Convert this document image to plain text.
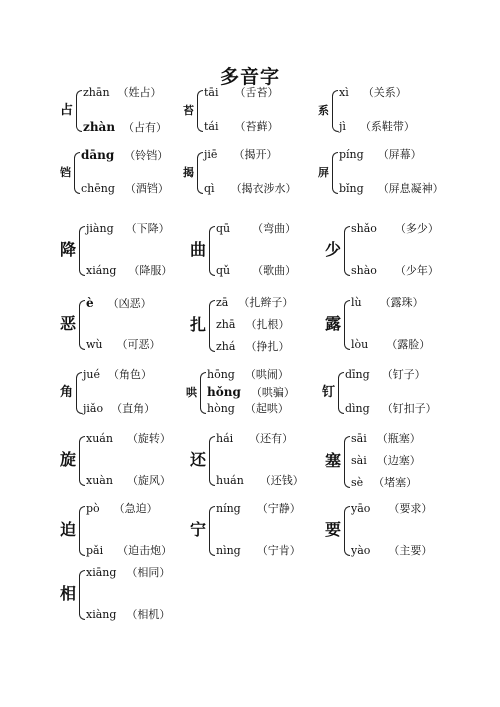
多音字
占
zhān （姓占）
zhàn （占有）
苔
tāi （舌苔）
tái （苔藓）
系
xì （关系）
jì （系鞋带）
铛
dāng （铃铛）
chēng （酒铛）
揭
jiē （揭开）
qì （揭衣涉水）
屏
píng （屏幕）
bǐng （屏息凝神）
降
jiàng （下降）
xiáng （降服）
曲
qū （弯曲）
qǔ （歌曲）
少
shǎo （多少）
shào （少年）
恶
è （凶恶）
wù （可恶）
扎
zā （扎辫子）
zhā （扎根）
zhá （挣扎）
露
lù （露珠）
lòu （露脸）
角
jué （角色）
jiǎo （直角）
哄
hōng （哄闹）
hǒng （哄骗）
hòng （起哄）
钉
dīng （钉子）
dìng （钉扣子）
旋
xuán （旋转）
xuàn （旋风）
还
hái （还有）
huán （还钱）
塞
sāi （瓶塞）
sài （边塞）
sè （堵塞）
迫
pò （急迫）
pǎi （迫击炮）
宁
níng （宁静）
nìng （宁肯）
要
yāo （要求）
yào （主要）
相
xiāng （相同）
xiàng （相机）
